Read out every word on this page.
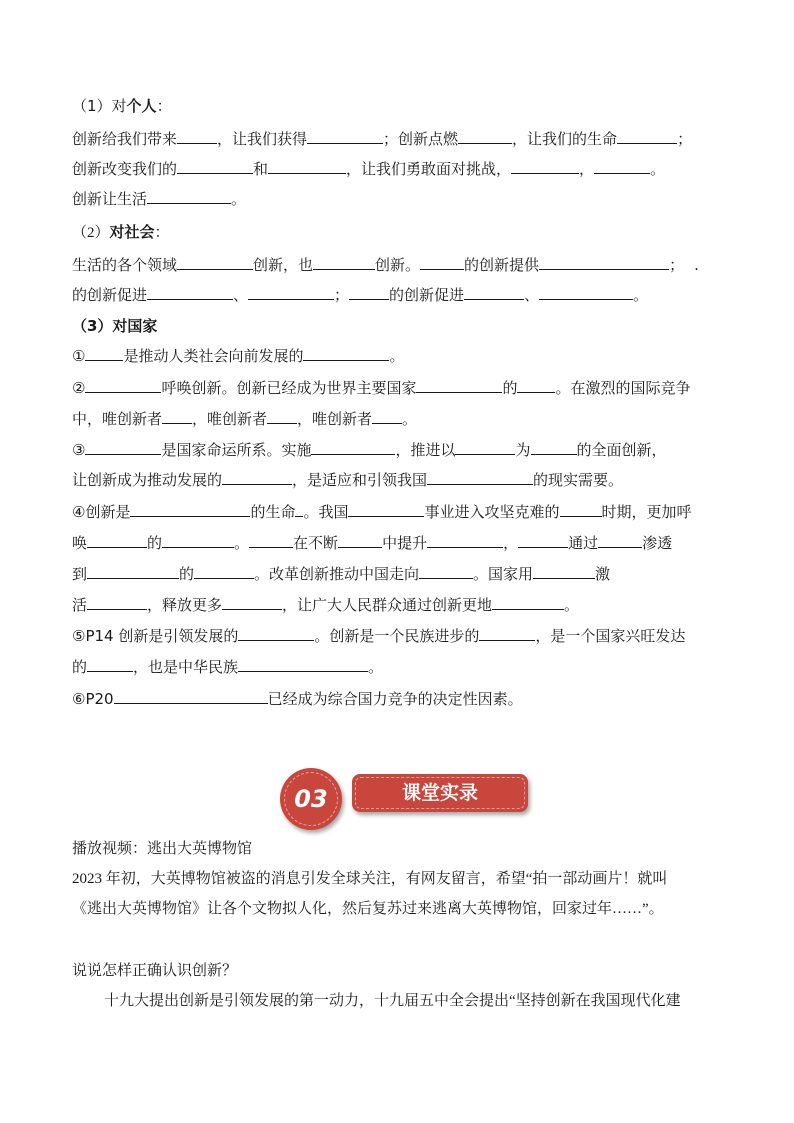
（1）对个人：
创新给我们带来	，让我们获得	；创新点燃	，让我们的生命	；
创新改变我们的	和	，让我们勇敢面对挑战，	，	。
创新让生活	。
（2）对社会：
生活的各个领域	创新，也	创新。	的创新提供	； .
的创新促进	、	；	的创新促进	、	。
（3）对国家
①	是推动人类社会向前发展的	。
②	呼唤创新。创新已经成为世界主要国家	的	。在激烈的国际竞争
中，唯创新者 ，唯创新者 ，唯创新者 。
③	是国家命运所系。实施	，推进以	为	的全面创新，
让创新成为推动发展的	，是适应和引领我国	的现实需要。
④创新是	的生命 。我国	事业进入攻坚克难的	时期，更加呼
唤	的	。	在不断	中提升	，	通过	渗透
到	的	。改革创新推动中国走向	。国家用	激
活	，释放更多	，让广大人民群众通过创新更地	。
⑤P14 创新是引领发展的	。创新是一个民族进步的	，是一个国家兴旺发达
的	，也是中华民族	。
⑥P20	已经成为综合国力竞争的决定性因素。
03	课堂实录
播放视频：逃出大英博物馆
2023 年初，大英博物馆被盗的消息引发全球关注，有网友留言，希望“拍一部动画片！就叫
《逃出大英博物馆》让各个文物拟人化，然后复苏过来逃离大英博物馆，回家过年……”。
说说怎样正确认识创新？
十九大提出创新是引领发展的第一动力，十九届五中全会提出“坚持创新在我国现代化建
